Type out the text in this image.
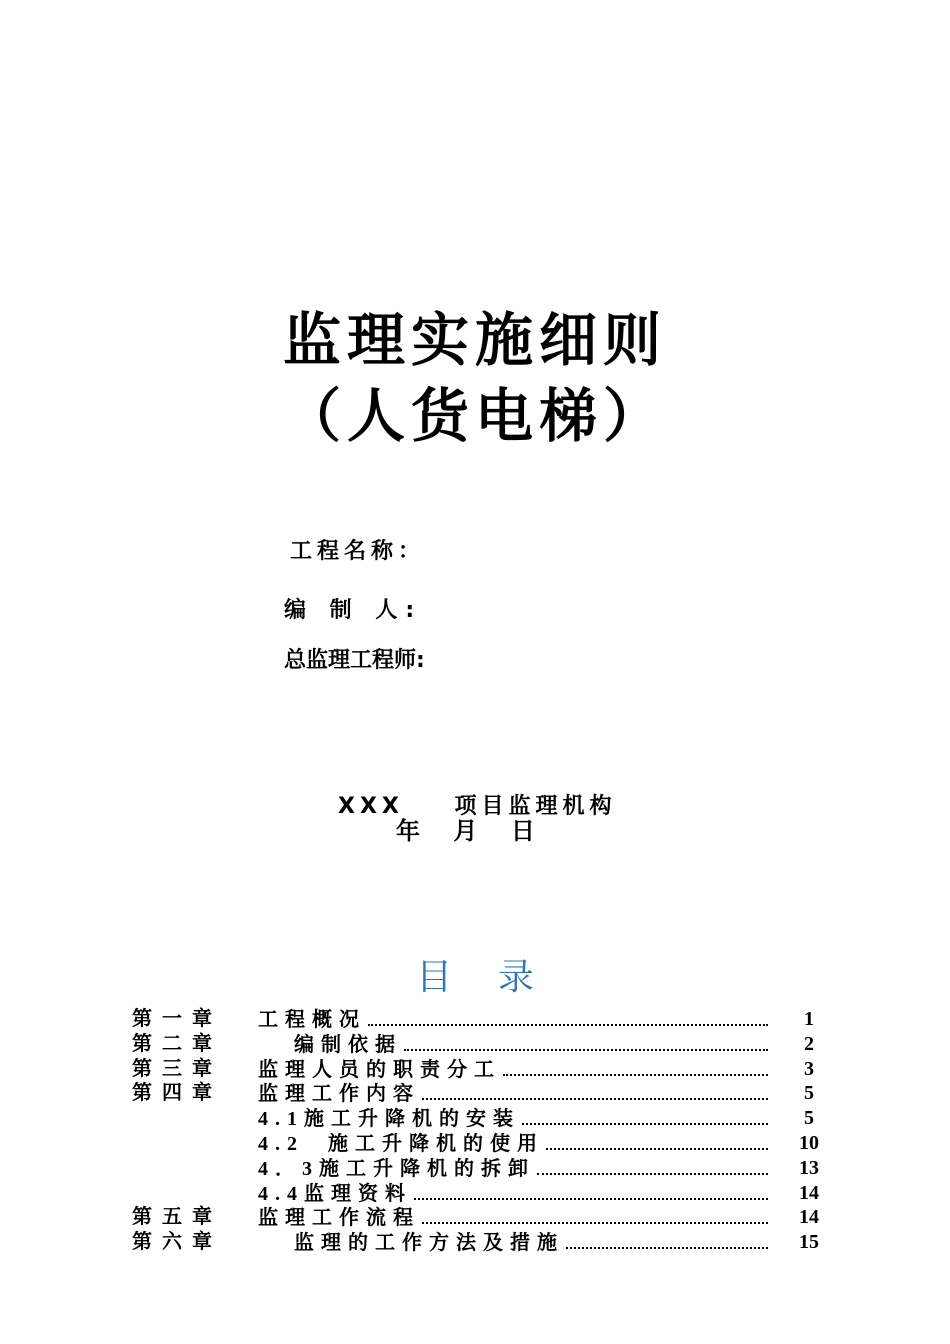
监理实施细则
（人货电梯）
工程名称：
编 制 人:
总监理工程师:
XXX    项目监理机构
年    月    日
目    录
第一章 工程概况	1
第二章 编制依据	2
第三章 监理人员的职责分工	3
第四章 监理工作内容	5
4.1施工升降机的安装	5
4.2  施工升降机的使用	10
4．3施工升降机的拆卸	13
4.4监理资料	14
第五章 监理工作流程	14
第六章 监理的工作方法及措施	15
